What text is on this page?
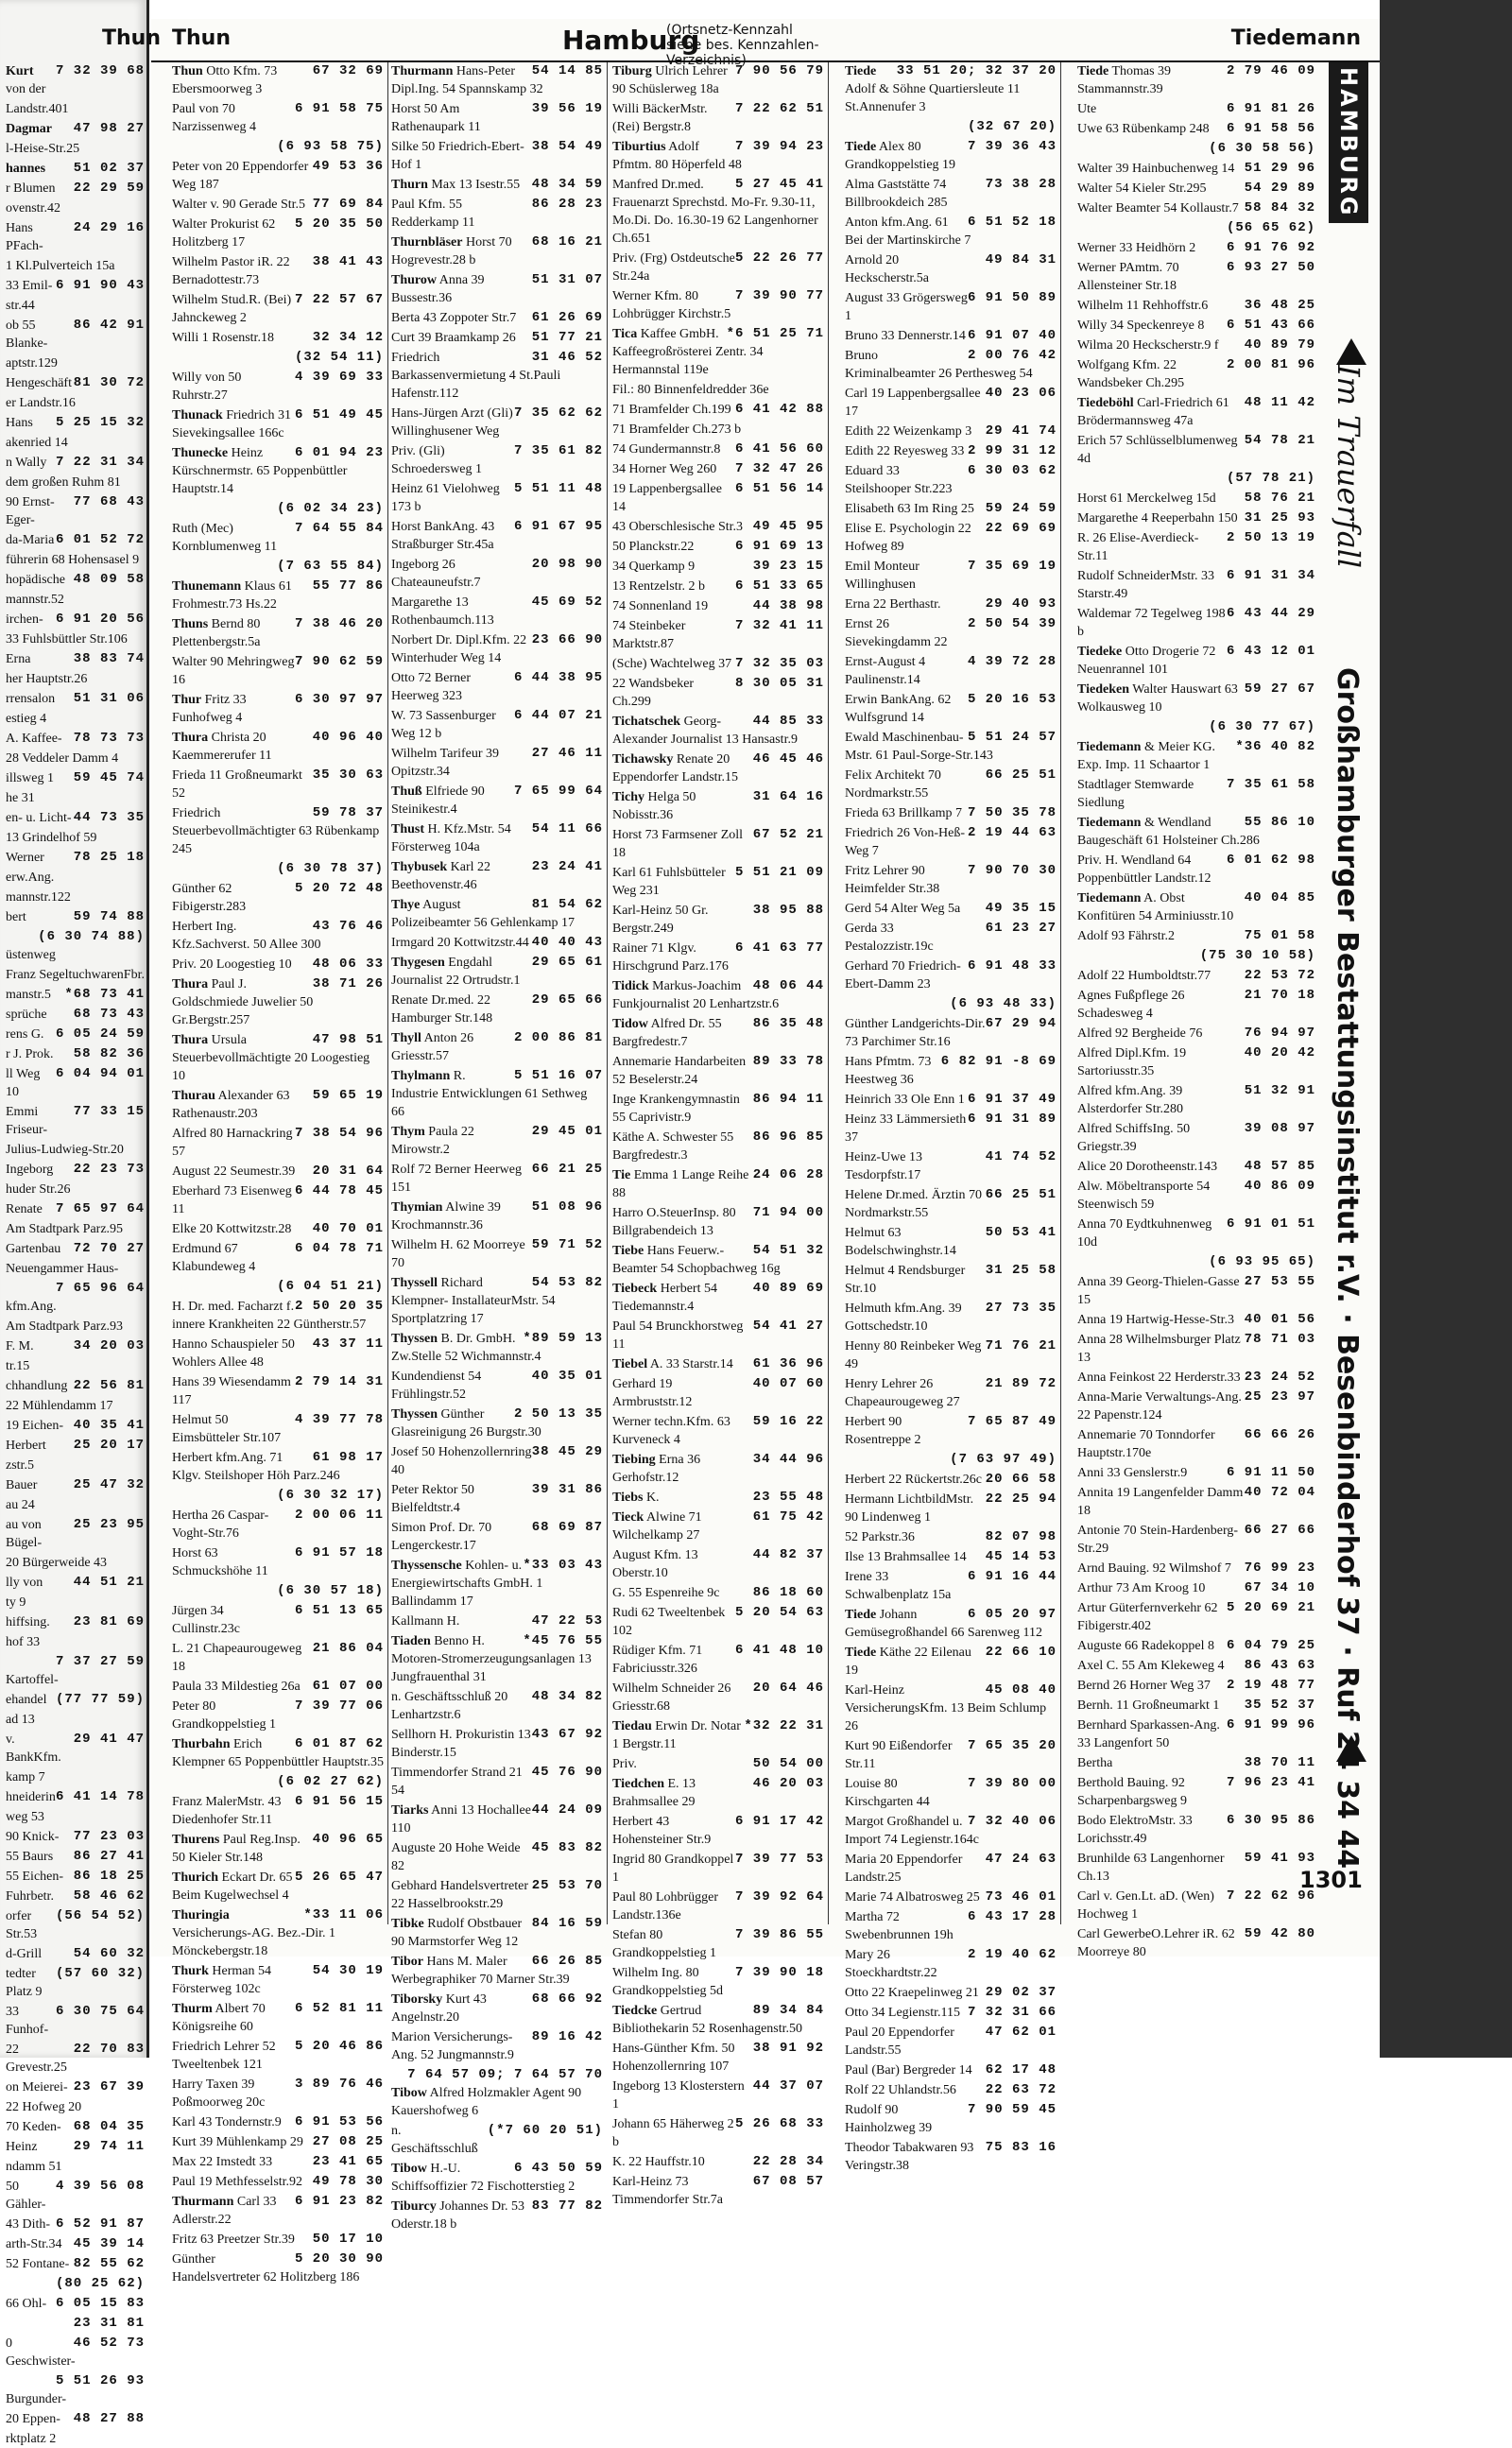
Thun Thun	Hamburg
(Ortsnetz-Kennzahl siehe bes. Kennzahlen-Verzeichnis)
Tiedemann
7 32 39 68
Kurt von der
Landstr.401
47 98 27
Dagmar
l-Heise-Str.25
51 02 37
hannes
22 29 59
r Blumen
ovenstr.42
24 29 16
Hans PFach-
1 Kl.Pulverteich 15a
6 91 90 43
33 Emil-
str.44
86 42 91
ob 55 Blanke-
aptstr.129
81 30 72
Hengeschäft
er Landstr.16
5 25 15 32
Hans
akenried 14
7 22 31 34
n Wally
dem großen Ruhm 81
77 68 43
90 Ernst-Eger-
6 01 52 72
da-Maria
führerin 68 Hohensasel 9
48 09 58
hopädische
mannstr.52
6 91 20 56
irchen-
33 Fuhlsbüttler Str.106
38 83 74
Erna
her Hauptstr.26
51 31 06
rrensalon
estieg 4
78 73 73
A. Kaffee-
28 Veddeler Damm 4
59 45 74
illsweg 1
he 31
44 73 35
en- u. Licht-
13 Grindelhof 59
78 25 18
Werner
erw.Ang.
mannstr.122
59 74 88
bert
(6 30 74 88)
üstenweg
Franz SegeltuchwarenFbr.
*68 73 41
manstr.5
68 73 43
sprüche
6 05 24 59
rens G.
58 82 36
r J. Prok.
6 04 94 01
ll Weg 10
77 33 15
Emmi Friseur-
Julius-Ludwieg-Str.20
22 23 73
Ingeborg
huder Str.26
7 65 97 64
Renate
Am Stadtpark Parz.95
72 70 27
Gartenbau
Neuengammer Haus-
7 65 96 64
kfm.Ang.
Am Stadtpark Parz.93
34 20 03
F. M.
tr.15
22 56 81
chhandlung
22 Mühlendamm 17
40 35 41
19 Eichen-
25 20 17
Herbert
zstr.5
25 47 32
Bauer
au 24
25 23 95
au von Bügel-
20 Bürgerweide 43
44 51 21
lly von
ty 9
23 81 69
hiffsing.
hof 33
7 37 27 59
Kartoffel-
(77 77 59)
ehandel
ad 13
29 41 47
v. BankKfm.
kamp 7
6 41 14 78
hneiderin
weg 53
77 23 03
90 Knick-
86 27 41
55 Baurs
86 18 25
55 Eichen-
58 46 62
Fuhrbetr.
(56 54 52)
orfer Str.53
54 60 32
d-Grill
(57 60 32)
tedter Platz 9
6 30 75 64
33 Funhof-
22 70 83
22 Grevestr.25
23 67 39
on Meierei-
22 Hofweg 20
68 04 35
70 Keden-
29 74 11
Heinz
ndamm 51
4 39 56 08
50 Gähler-
6 52 91 87
43 Dith-
45 39 14
arth-Str.34
82 55 62
52 Fontane-
(80 25 62)
6 05 15 83
66 Ohl-
23 31 81
46 52 73
0 Geschwister-
5 51 26 93
Burgunder-
48 27 88
20 Eppen-
rktplatz 2
67 32 69
Thun Otto Kfm. 73 Ebersmoorweg 3
6 91 58 75
Paul von 70 Narzissenweg 4
(6 93 58 75)
49 53 36
Peter von 20 Eppendorfer Weg 187
77 69 84
Walter v. 90 Gerade Str.5
5 20 35 50
Walter Prokurist 62 Holitzberg 17
38 41 43
Wilhelm Pastor iR. 22 Bernadottestr.73
7 22 57 67
Wilhelm Stud.R. (Bei) Jahnckeweg 2
32 34 12
Willi 1 Rosenstr.18
(32 54 11)
4 39 69 33
Willy von 50 Ruhrstr.27
6 51 49 45
Thunack Friedrich 31 Sievekingsallee 166c
6 01 94 23
Thunecke Heinz Kürschnermstr. 65 Poppenbüttler Hauptstr.14
(6 02 34 23)
7 64 55 84
Ruth (Mec) Kornblumenweg 11
(7 63 55 84)
55 77 86
Thunemann Klaus 61 Frohmestr.73 Hs.22
7 38 46 20
Thuns Bernd 80 Plettenbergstr.5a
7 90 62 59
Walter 90 Mehringweg 16
6 30 97 97
Thur Fritz 33 Funhofweg 4
40 96 40
Thura Christa 20 Kaemmererufer 11
35 30 63
Frieda 11 Großneumarkt 52
59 78 37
Friedrich Steuerbevollmächtigter 63 Rübenkamp 245
(6 30 78 37)
5 20 72 48
Günther 62 Fibigerstr.283
43 76 46
Herbert Ing. Kfz.Sachverst. 50 Allee 300
48 06 33
Priv. 20 Loogestieg 10
38 71 26
Thura Paul J. Goldschmiede Juwelier 50 Gr.Bergstr.257
47 98 51
Thura Ursula Steuerbevollmächtigte 20 Loogestieg 10
59 65 19
Thurau Alexander 63 Rathenaustr.203
7 38 54 96
Alfred 80 Harnackring 57
20 31 64
August 22 Seumestr.39
6 44 78 45
Eberhard 73 Eisenweg 11
40 70 01
Elke 20 Kottwitzstr.28
6 04 78 71
Erdmund 67 Klabundeweg 4
(6 04 51 21)
2 50 20 35
H. Dr. med. Facharzt f. innere Krankheiten 22 Güntherstr.57
43 37 11
Hanno Schauspieler 50 Wohlers Allee 48
2 79 14 31
Hans 39 Wiesendamm 117
4 39 77 78
Helmut 50 Eimsbütteler Str.107
61 98 17
Herbert kfm.Ang. 71 Klgv. Steilshoper Höh Parz.246
(6 30 32 17)
2 00 06 11
Hertha 26 Caspar-Voght-Str.76
6 91 57 18
Horst 63 Schmuckshöhe 11
(6 30 57 18)
6 51 13 65
Jürgen 34 Cullinstr.23c
21 86 04
L. 21 Chapeaurougeweg 18
61 07 00
Paula 33 Mildestieg 26a
7 39 77 06
Peter 80 Grandkoppelstieg 1
6 01 87 62
Thurbahn Erich Klempner 65 Poppenbüttler Hauptstr.35
(6 02 27 62)
6 91 56 15
Franz MalerMstr. 43 Diedenhofer Str.11
40 96 65
Thurens Paul Reg.Insp. 50 Kieler Str.148
5 26 65 47
Thurich Eckart Dr. 65 Beim Kugelwechsel 4
*33 11 06
Thuringia Versicherungs-AG. Bez.-Dir. 1 Mönckebergstr.18
54 30 19
Thurk Herman 54 Försterweg 102c
6 52 81 11
Thurm Albert 70 Königsreihe 60
5 20 46 86
Friedrich Lehrer 52 Tweeltenbek 121
3 89 76 46
Harry Taxen 39 Poßmoorweg 20c
6 91 53 56
Karl 43 Tondernstr.9
27 08 25
Kurt 39 Mühlenkamp 29
23 41 65
Max 22 Imstedt 33
49 78 30
Paul 19 Methfesselstr.92
6 91 23 82
Thurmann Carl 33 Adlerstr.22
50 17 10
Fritz 63 Preetzer Str.39
5 20 30 90
Günther Handelsvertreter 62 Holitzberg 186
54 14 85
Thurmann Hans-Peter Dipl.Ing. 54 Spannskamp 32
39 56 19
Horst 50 Am Rathenaupark 11
38 54 49
Silke 50 Friedrich-Ebert-Hof 1
48 34 59
Thurn Max 13 Isestr.55
86 28 23
Paul Kfm. 55 Redderkamp 11
68 16 21
Thurnbläser Horst 70 Hogrevestr.28 b
51 31 07
Thurow Anna 39 Bussestr.36
61 26 69
Berta 43 Zoppoter Str.7
51 77 21
Curt 39 Braamkamp 26
31 46 52
Friedrich Barkassenvermietung 4 St.Pauli Hafenstr.112
7 35 62 62
Hans-Jürgen Arzt (Gli) Willinghusener Weg
7 35 61 82
Priv. (Gli) Schroedersweg 1
5 51 11 48
Heinz 61 Vielohweg 173 b
6 91 67 95
Horst BankAng. 43 Straßburger Str.45a
20 98 90
Ingeborg 26 Chateauneufstr.7
45 69 52
Margarethe 13 Rothenbaumch.113
23 66 90
Norbert Dr. Dipl.Kfm. 22 Winterhuder Weg 14
6 44 38 95
Otto 72 Berner Heerweg 323
6 44 07 21
W. 73 Sassenburger Weg 12 b
27 46 11
Wilhelm Tarifeur 39 Opitzstr.34
7 65 99 64
Thuß Elfriede 90 Steinikestr.4
54 11 66
Thust H. Kfz.Mstr. 54 Försterweg 104a
23 24 41
Thybusek Karl 22 Beethovenstr.46
81 54 62
Thye August Polizeibeamter 56 Gehlenkamp 17
40 40 43
Irmgard 20 Kottwitzstr.44
29 65 61
Thygesen Engdahl Journalist 22 Ortrudstr.1
29 65 66
Renate Dr.med. 22 Hamburger Str.148
2 00 86 81
Thyll Anton 26 Griesstr.57
5 51 16 07
Thylmann R. Industrie Entwicklungen 61 Sethweg 66
29 45 01
Thym Paula 22 Mirowstr.2
66 21 25
Rolf 72 Berner Heerweg 151
51 08 96
Thymian Alwine 39 Krochmannstr.36
59 71 52
Wilhelm H. 62 Moorreye 70
54 53 82
Thyssell Richard Klempner- InstallateurMstr. 54 Sportplatzring 17
*89 59 13
Thyssen B. Dr. GmbH. Zw.Stelle 52 Wichmannstr.4
40 35 01
Kundendienst 54 Frühlingstr.52
2 50 13 35
Thyssen Günther Glasreinigung 26 Burgstr.30
38 45 29
Josef 50 Hohenzollernring 40
39 31 86
Peter Rektor 50 Bielfeldtstr.4
68 69 87
Simon Prof. Dr. 70 Lengerckestr.17
*33 03 43
Thyssensche Kohlen- u. Energiewirtschafts GmbH. 1 Ballindamm 17
47 22 53
Kallmann H.
*45 76 55
Tiaden Benno H. Motoren-Stromerzeugungsanlagen 13 Jungfrauenthal 31
48 34 82
n. Geschäftsschluß 20 Lenhartzstr.6
43 67 92
Sellhorn H. Prokuristin 13 Binderstr.15
45 76 90
Timmendorfer Strand 21 54
44 24 09
Tiarks Anni 13 Hochallee 110
45 83 82
Auguste 20 Hohe Weide 82
25 53 70
Gebhard Handelsvertreter 22 Hasselbrookstr.29
84 16 59
Tibke Rudolf Obstbauer 90 Marmstorfer Weg 12
66 26 85
Tibor Hans M. Maler Werbegraphiker 70 Marner Str.39
68 66 92
Tiborsky Kurt 43 Angelnstr.20
89 16 42
Marion Versicherungs-Ang. 52 Jungmannstr.9
7 64 57 09; 7 64 57 70
Tibow Alfred Holzmakler Agent 90 Kauershofweg 6
(*7 60 20 51)
n. Geschäftsschluß
6 43 50 59
Tibow H.-U. Schiffsoffizier 72 Fischotterstieg 2
83 77 82
Tiburcy Johannes Dr. 53 Oderstr.18 b
7 90 56 79
Tiburg Ulrich Lehrer 90 Schüslerweg 18a
7 22 62 51
Willi BäckerMstr. (Rei) Bergstr.8
7 39 94 23
Tiburtius Adolf Pfmtm. 80 Höperfeld 48
5 27 45 41
Manfred Dr.med. Frauenarzt Sprechstd. Mo-Fr. 9.30-11, Mo.Di. Do. 16.30-19 62 Langenhorner Ch.651
5 22 26 77
Priv. (Frg) Ostdeutsche Str.24a
7 39 90 77
Werner Kfm. 80 Lohbrügger Kirchstr.5
*6 51 25 71
Tica Kaffee GmbH. Kaffeegroßrösterei Zentr. 34 Hermannstal 119e
Fil.: 80 Binnenfeldredder 36e
6 41 42 88
71 Bramfelder Ch.199
71 Bramfelder Ch.273 b
6 41 56 60
74 Gundermannstr.8
7 32 47 26
34 Horner Weg 260
6 51 56 14
19 Lappenbergsallee 14
49 45 95
43 Oberschlesische Str.3
6 91 69 13
50 Planckstr.22
39 23 15
34 Querkamp 9
6 51 33 65
13 Rentzelstr. 2 b
44 38 98
74 Sonnenland 19
7 32 41 11
74 Steinbeker Marktstr.87
7 32 35 03
(Sche) Wachtelweg 37
8 30 05 31
22 Wandsbeker Ch.299
44 85 33
Tichatschek Georg-Alexander Journalist 13 Hansastr.9
46 45 46
Tichawsky Renate 20 Eppendorfer Landstr.15
31 64 16
Tichy Helga 50 Nobisstr.36
67 52 21
Horst 73 Farmsener Zoll 18
5 51 21 09
Karl 61 Fuhlsbütteler Weg 231
38 95 88
Karl-Heinz 50 Gr. Bergstr.249
6 41 63 77
Rainer 71 Klgv. Hirschgrund Parz.176
48 06 44
Tidick Markus-Joachim Funkjournalist 20 Lenhartzstr.6
86 35 48
Tidow Alfred Dr. 55 Bargfredestr.7
89 33 78
Annemarie Handarbeiten 52 Beselerstr.24
86 94 11
Inge Krankengymnastin 55 Caprivistr.9
86 96 85
Käthe A. Schwester 55 Bargfredestr.3
24 06 28
Tie Emma 1 Lange Reihe 88
71 94 00
Harro O.SteuerInsp. 80 Billgrabendeich 13
54 51 32
Tiebe Hans Feuerw.-Beamter 54 Schopbachweg 16g
40 89 69
Tiebeck Herbert 54 Tiedemannstr.4
54 41 27
Paul 54 Brunckhorstweg 11
61 36 96
Tiebel A. 33 Starstr.14
40 07 60
Gerhard 19 Armbruststr.12
59 16 22
Werner techn.Kfm. 63 Kurveneck 4
34 44 96
Tiebing Erna 36 Gerhofstr.12
23 55 48
Tiebs K.
61 75 42
Tieck Alwine 71 Wilchelkamp 27
44 82 37
August Kfm. 13 Oberstr.10
86 18 60
G. 55 Espenreihe 9c
5 20 54 63
Rudi 62 Tweeltenbek 102
6 41 48 10
Rüdiger Kfm. 71 Fabriciusstr.326
20 64 46
Wilhelm Schneider 26 Griesstr.68
*32 22 31
Tiedau Erwin Dr. Notar 1 Bergstr.11
50 54 00
Priv.
46 20 03
Tiedchen E. 13 Brahmsallee 29
6 91 17 42
Herbert 43 Hohensteiner Str.9
7 39 77 53
Ingrid 80 Grandkoppel 1
7 39 92 64
Paul 80 Lohbrügger Landstr.136e
7 39 86 55
Stefan 80 Grandkoppelstieg 1
7 39 90 18
Wilhelm Ing. 80 Grandkoppelstieg 5d
89 34 84
Tiedcke Gertrud Bibliothekarin 52 Rosenhagenstr.50
38 91 92
Hans-Günther Kfm. 50 Hohenzollernring 107
44 37 07
Ingeborg 13 Klosterstern 1
5 26 68 33
Johann 65 Häherweg 2 b
22 28 34
K. 22 Hauffstr.10
67 08 57
Karl-Heinz 73 Timmendorfer Str.7a
33 51 20; 32 37 20
Tiede Adolf & Söhne Quartiersleute 11 St.Annenufer 3
(32 67 20)
7 39 36 43
Tiede Alex 80 Grandkoppelstieg 19
73 38 28
Alma Gaststätte 74 Billbrookdeich 285
6 51 52 18
Anton kfm.Ang. 61 Bei der Martinskirche 7
49 84 31
Arnold 20 Heckscherstr.5a
6 91 50 89
August 33 Grögersweg 1
6 91 07 40
Bruno 33 Dennerstr.14
2 00 76 42
Bruno Kriminalbeamter 26 Perthesweg 54
40 23 06
Carl 19 Lappenbergsallee 17
29 41 74
Edith 22 Weizenkamp 3
2 99 31 12
Edith 22 Reyesweg 33
6 30 03 62
Eduard 33 Steilshooper Str.223
59 24 59
Elisabeth 63 Im Ring 25
22 69 69
Elise E. Psychologin 22 Hofweg 89
7 35 69 19
Emil Monteur Willinghusen
29 40 93
Erna 22 Berthastr.
2 50 54 39
Ernst 26 Sievekingdamm 22
4 39 72 28
Ernst-August 4 Paulinenstr.14
5 20 16 53
Erwin BankAng. 62 Wulfsgrund 14
5 51 24 57
Ewald Maschinenbau-Mstr. 61 Paul-Sorge-Str.143
66 25 51
Felix Architekt 70 Nordmarkstr.55
7 50 35 78
Frieda 63 Brillkamp 7
2 19 44 63
Friedrich 26 Von-Heß-Weg 7
7 90 70 30
Fritz Lehrer 90 Heimfelder Str.38
49 35 15
Gerd 54 Alter Weg 5a
61 23 27
Gerda 33 Pestalozzistr.19c
6 91 48 33
Gerhard 70 Friedrich-Ebert-Damm 23
(6 93 48 33)
67 29 94
Günther Landgerichts-Dir. 73 Parchimer Str.16
6 82 91 -8 69
Hans Pfmtm. 73 Heestweg 36
6 91 37 49
Heinrich 33 Ole Enn 1
6 91 31 89
Heinz 33 Lämmersieth 37
41 74 52
Heinz-Uwe 13 Tesdorpfstr.17
66 25 51
Helene Dr.med. Ärztin 70 Nordmarkstr.55
50 53 41
Helmut 63 Bodelschwinghstr.14
31 25 58
Helmut 4 Rendsburger Str.10
27 73 35
Helmuth kfm.Ang. 39 Gottschedstr.10
71 76 21
Henny 80 Reinbeker Weg 49
21 89 72
Henry Lehrer 26 Chapeaurougeweg 27
7 65 87 49
Herbert 90 Rosentreppe 2
(7 63 97 49)
20 66 58
Herbert 22 Rückertstr.26c
22 25 94
Hermann LichtbildMstr. 90 Lindenweg 1
82 07 98
52 Parkstr.36
45 14 53
Ilse 13 Brahmsallee 14
6 91 16 44
Irene 33 Schwalbenplatz 15a
6 05 20 97
Tiede Johann Gemüsegroßhandel 66 Sarenweg 112
22 66 10
Tiede Käthe 22 Eilenau 19
45 08 40
Karl-Heinz VersicherungsKfm. 13 Beim Schlump 26
7 65 35 20
Kurt 90 Eißendorfer Str.11
7 39 80 00
Louise 80 Kirschgarten 44
7 32 40 06
Margot Großhandel u. Import 74 Legienstr.164c
47 24 63
Maria 20 Eppendorfer Landstr.25
73 46 01
Marie 74 Albatrosweg 25
6 43 17 28
Martha 72 Swebenbrunnen 19h
2 19 40 62
Mary 26 Stoeckhardtstr.22
29 02 37
Otto 22 Kraepelinweg 21
7 32 31 66
Otto 34 Legienstr.115
47 62 01
Paul 20 Eppendorfer Landstr.55
62 17 48
Paul (Bar) Bergreder 14
22 63 72
Rolf 22 Uhlandstr.56
7 90 59 45
Rudolf 90 Hainholzweg 39
75 83 16
Theodor Tabakwaren 93 Veringstr.38
2 79 46 09
Tiede Thomas 39 Stammannstr.39
6 91 81 26
Ute
6 91 58 56
Uwe 63 Rübenkamp 248
(6 30 58 56)
51 29 96
Walter 39 Hainbuchenweg 14
54 29 89
Walter 54 Kieler Str.295
58 84 32
Walter Beamter 54 Kollaustr.7
(56 65 62)
6 91 76 92
Werner 33 Heidhörn 2
6 93 27 50
Werner PAmtm. 70 Allensteiner Str.18
36 48 25
Wilhelm 11 Rehhoffstr.6
6 51 43 66
Willy 34 Speckenreye 8
40 89 79
Wilma 20 Heckscherstr.9 f
2 00 81 96
Wolfgang Kfm. 22 Wandsbeker Ch.295
48 11 42
Tiedeböhl Carl-Friedrich 61 Brödermannsweg 47a
54 78 21
Erich 57 Schlüsselblumenweg 4d
(57 78 21)
58 76 21
Horst 61 Merckelweg 15d
31 25 93
Margarethe 4 Reeperbahn 150
2 50 13 19
R. 26 Elise-Averdieck-Str.11
6 91 31 34
Rudolf SchneiderMstr. 33 Starstr.49
6 43 44 29
Waldemar 72 Tegelweg 198 b
6 43 12 01
Tiedeke Otto Drogerie 72 Neuenrannel 101
59 27 67
Tiedeken Walter Hauswart 63 Wolkausweg 10
(6 30 77 67)
*36 40 82
Tiedemann & Meier KG. Exp. Imp. 11 Schaartor 1
7 35 61 58
Stadtlager Stemwarde Siedlung
55 86 10
Tiedemann & Wendland Baugeschäft 61 Holsteiner Ch.286
6 01 62 98
Priv. H. Wendland 64 Poppenbüttler Landstr.12
40 04 85
Tiedemann A. Obst Konfitüren 54 Arminiusstr.10
75 01 58
Adolf 93 Fährstr.2
(75 30 10 58)
22 53 72
Adolf 22 Humboldtstr.77
21 70 18
Agnes Fußpflege 26 Schadesweg 4
76 94 97
Alfred 92 Bergheide 76
40 20 42
Alfred Dipl.Kfm. 19 Sartoriusstr.35
51 32 91
Alfred kfm.Ang. 39 Alsterdorfer Str.280
39 08 97
Alfred SchiffsIng. 50 Griegstr.39
48 57 85
Alice 20 Dorotheenstr.143
40 86 09
Alw. Möbeltransporte 54 Steenwisch 59
6 91 01 51
Anna 70 Eydtkuhnenweg 10d
(6 93 95 65)
27 53 55
Anna 39 Georg-Thielen-Gasse 15
40 01 56
Anna 19 Hartwig-Hesse-Str.3
78 71 03
Anna 28 Wilhelmsburger Platz 13
23 24 52
Anna Feinkost 22 Herderstr.33
25 23 97
Anna-Marie Verwaltungs-Ang. 22 Papenstr.124
66 66 26
Annemarie 70 Tonndorfer Hauptstr.170e
6 91 11 50
Anni 33 Genslerstr.9
40 72 04
Annita 19 Langenfelder Damm 18
66 27 66
Antonie 70 Stein-Hardenberg-Str.29
76 99 23
Arnd Bauing. 92 Wilmshof 7
67 34 10
Arthur 73 Am Kroog 10
5 20 69 21
Artur Güterfernverkehr 62 Fibigerstr.402
6 04 79 25
Auguste 66 Radekoppel 8
86 43 63
Axel C. 55 Am Klekeweg 4
2 19 48 77
Bernd 26 Horner Weg 37
35 52 37
Bernh. 11 Großneumarkt 1
6 91 99 96
Bernhard Sparkassen-Ang. 33 Langenfort 50
38 70 11
Bertha
7 96 23 41
Berthold Bauing. 92 Scharpenbargsweg 9
6 30 95 86
Bodo ElektroMstr. 33 Lorichsstr.49
59 41 93
Brunhilde 63 Langenhorner Ch.13
7 22 62 96
Carl v. Gen.Lt. aD. (Wen) Hochweg 1
59 42 80
Carl GewerbeO.Lehrer iR. 62 Moorreye 80
HAMBURG
Im Trauerfall
Großhamburger Bestattungsinstitut r.V. · Besenbinderhof 37 · Ruf 24 34 44
1301
